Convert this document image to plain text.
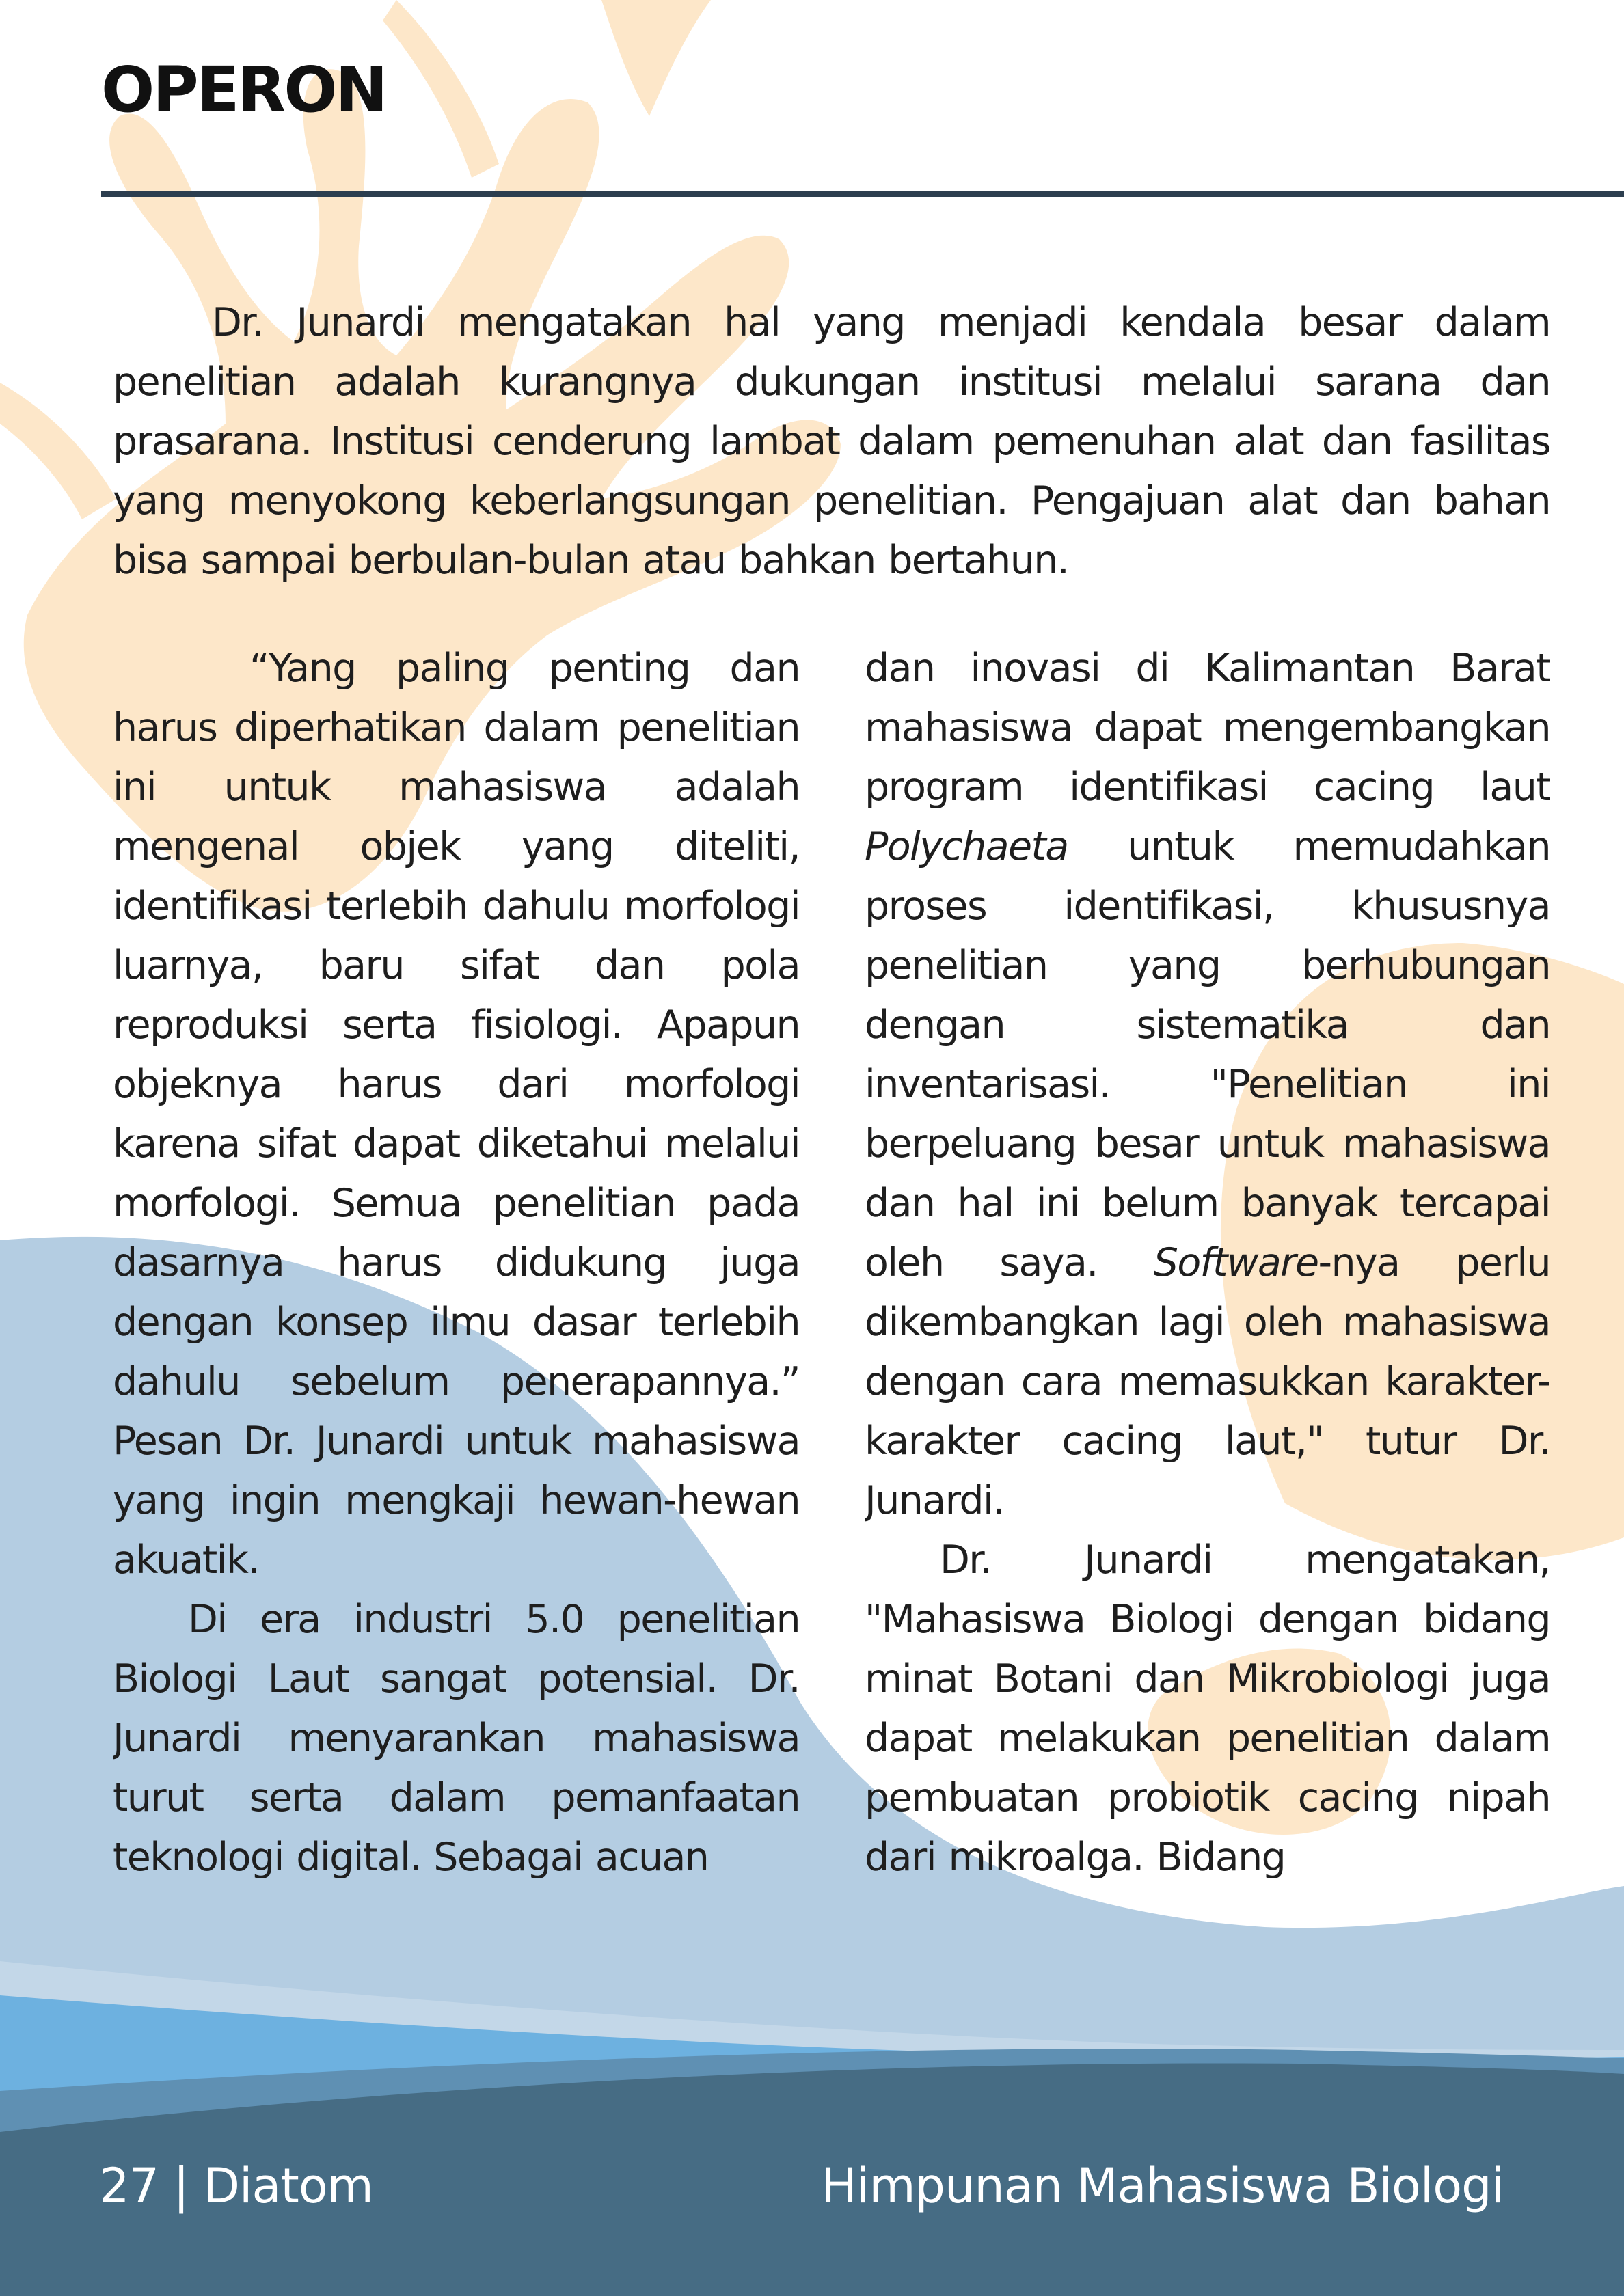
OPERON

Dr. Junardi mengatakan hal yang menjadi kendala besar dalam penelitian adalah kurangnya dukungan institusi melalui sarana dan prasarana. Institusi cenderung lambat dalam pemenuhan alat dan fasilitas yang menyokong keberlangsungan penelitian. Pengajuan alat dan bahan bisa sampai berbulan-bulan atau bahkan bertahun.

“Yang paling penting dan harus diperhatikan dalam penelitian ini untuk mahasiswa adalah mengenal objek yang diteliti, identifikasi terlebih dahulu morfologi luarnya, baru sifat dan pola reproduksi serta fisiologi. Apapun objeknya harus dari morfologi karena sifat dapat diketahui melalui morfologi. Semua penelitian pada dasarnya harus didukung juga dengan konsep ilmu dasar terlebih dahulu sebelum penerapannya.” Pesan Dr. Junardi untuk mahasiswa yang ingin mengkaji hewan-hewan akuatik.

Di era industri 5.0 penelitian Biologi Laut sangat potensial. Dr. Junardi menyarankan mahasiswa turut serta dalam pemanfaatan teknologi digital. Sebagai acuan

dan inovasi di Kalimantan Barat mahasiswa dapat mengembangkan program identifikasi cacing laut Polychaeta untuk memudahkan proses identifikasi, khususnya penelitian yang berhubungan dengan sistematika dan inventarisasi. "Penelitian ini berpeluang besar untuk mahasiswa dan hal ini belum banyak tercapai oleh saya. Software-nya perlu dikembangkan lagi oleh mahasiswa dengan cara memasukkan karakter-karakter cacing laut," tutur Dr. Junardi.

Dr. Junardi mengatakan, "Mahasiswa Biologi dengan bidang minat Botani dan Mikrobiologi juga dapat melakukan penelitian dalam pembuatan probiotik cacing nipah dari mikroalga. Bidang

27 | Diatom	Himpunan Mahasiswa Biologi
